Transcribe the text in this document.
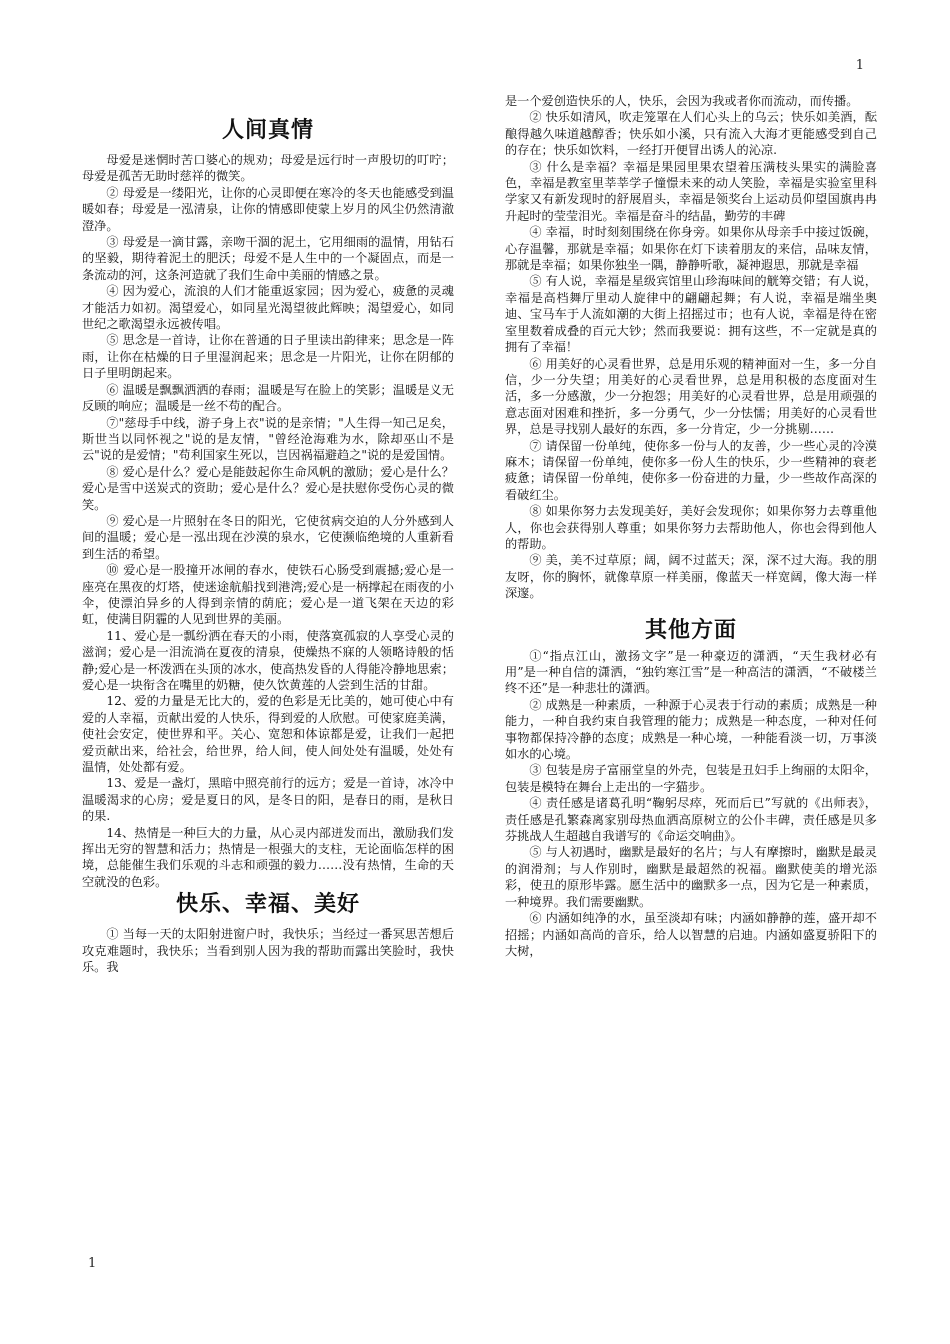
1
人间真情

母爱是迷惘时苦口婆心的规劝；母爱是远行时一声殷切的叮咛；母爱是孤苦无助时慈祥的微笑。

② 母爱是一缕阳光，让你的心灵即便在寒冷的冬天也能感受到温暖如春；母爱是一泓清泉，让你的情感即使蒙上岁月的风尘仍然清澈澄净。

③ 母爱是一滴甘露，亲吻干涸的泥土，它用细雨的温情，用钻石的坚毅，期待着泥土的肥沃；母爱不是人生中的一个凝固点，而是一条流动的河，这条河造就了我们生命中美丽的情感之景。

④ 因为爱心，流浪的人们才能重返家园；因为爱心，疲惫的灵魂才能活力如初。渴望爱心，如同星光渴望彼此辉映；渴望爱心，如同世纪之歌渴望永远被传唱。

⑤ 思念是一首诗，让你在普通的日子里读出韵律来；思念是一阵雨，让你在枯燥的日子里湿润起来；思念是一片阳光，让你在阴郁的日子里明朗起来。

⑥ 温暖是飘飘洒洒的春雨；温暖是写在脸上的笑影；温暖是义无反顾的响应；温暖是一丝不苟的配合。

⑦"慈母手中线，游子身上衣"说的是亲情；"人生得一知己足矣，斯世当以同怀视之"说的是友情，"曾经沧海难为水，除却巫山不是云"说的是爱情；"苟利国家生死以，岂因祸福避趋之"说的是爱国情。

⑧ 爱心是什么？爱心是能鼓起你生命风帆的激励；爱心是什么？爱心是雪中送炭式的资助；爱心是什么？爱心是扶慰你受伤心灵的微笑。

⑨ 爱心是一片照射在冬日的阳光，它使贫病交迫的人分外感到人间的温暖；爱心是一泓出现在沙漠的泉水，它使濒临绝境的人重新看到生活的希望。

⑩ 爱心是一股撞开冰闸的春水，使铁石心肠受到震撼;爱心是一座亮在黑夜的灯塔，使迷途航船找到港湾;爱心是一柄撑起在雨夜的小伞，使漂泊异乡的人得到亲情的荫庇；爱心是一道飞架在天边的彩虹，使满目阴霾的人见到世界的美丽。

11、爱心是一瓢纷洒在春天的小雨，使落寞孤寂的人享受心灵的滋润；爱心是一泪流淌在夏夜的清泉，使燥热不寐的人领略诗般的恬静;爱心是一杯泼洒在头顶的冰水，使高热发昏的人得能冷静地思索；爱心是一块衔含在嘴里的奶糖，使久饮黄莲的人尝到生活的甘甜。

12、爱的力量是无比大的，爱的色彩是无比美的，她可使心中有爱的人幸福，贡献出爱的人快乐，得到爱的人欣慰。可使家庭美满，使社会安定，使世界和平。关心、宽恕和体谅都是爱，让我们一起把爱贡献出来，给社会，给世界，给人间，使人间处处有温暖，处处有温情，处处都有爱。

13、爱是一盏灯，黑暗中照亮前行的远方；爱是一首诗，冰冷中温暖渴求的心房；爱是夏日的风，是冬日的阳，是春日的雨，是秋日的果.

14、热情是一种巨大的力量，从心灵内部迸发而出，激励我们发挥出无穷的智慧和活力；热情是一根强大的支柱，无论面临怎样的困境，总能催生我们乐观的斗志和顽强的毅力……没有热情，生命的天空就没的色彩。

快乐、幸福、美好

① 当每一天的太阳射进窗户时，我快乐；当经过一番冥思苦想后攻克难题时，我快乐；当看到别人因为我的帮助而露出笑脸时，我快乐。我

是一个爱创造快乐的人，快乐，会因为我或者你而流动，而传播。

② 快乐如清风，吹走笼罩在人们心头上的乌云；快乐如美酒，酝酿得越久味道越醇香；快乐如小溪，只有流入大海才更能感受到自己的存在；快乐如饮料，一经打开便冒出诱人的沁凉.

③ 什么是幸福？幸福是果园里果农望着压满枝头果实的满脸喜色，幸福是教室里莘莘学子憧憬未来的动人笑脸，幸福是实验室里科学家又有新发现时的舒展眉头，幸福是领奖台上运动员仰望国旗冉冉升起时的莹莹泪光。幸福是奋斗的结晶，勤劳的丰碑

④ 幸福，时时刻刻围绕在你身旁。如果你从母亲手中接过饭碗，心存温馨，那就是幸福；如果你在灯下读着朋友的来信，品味友情，那就是幸福；如果你独坐一隅，静静听歌，凝神遐思，那就是幸福

⑤ 有人说，幸福是星级宾馆里山珍海味间的觥筹交错；有人说，幸福是高档舞厅里动人旋律中的翩翩起舞；有人说，幸福是端坐奥迪、宝马车于人流如潮的大街上招摇过市；也有人说，幸福是待在密室里数着成叠的百元大钞；然而我要说：拥有这些，不一定就是真的拥有了幸福！

⑥ 用美好的心灵看世界，总是用乐观的精神面对一生，多一分自信，少一分失望；用美好的心灵看世界，总是用积极的态度面对生活，多一分感激，少一分抱怨；用美好的心灵看世界，总是用顽强的意志面对困难和挫折，多一分勇气，少一分怯懦；用美好的心灵看世界，总是寻找别人最好的东西，多一分肯定，少一分挑剔……

⑦ 请保留一份单纯，使你多一份与人的友善，少一些心灵的冷漠麻木；请保留一份单纯，使你多一份人生的快乐，少一些精神的衰老疲惫；请保留一份单纯，使你多一份奋进的力量，少一些故作高深的看破红尘。

⑧ 如果你努力去发现美好，美好会发现你；如果你努力去尊重他人，你也会获得别人尊重；如果你努力去帮助他人，你也会得到他人的帮助。

⑨ 美，美不过草原；阔，阔不过蓝天；深，深不过大海。我的朋友呀，你的胸怀，就像草原一样美丽，像蓝天一样宽阔，像大海一样深邃。

其他方面

①“指点江山，激扬文字”是一种豪迈的潇洒，“天生我材必有用”是一种自信的潇洒，“独钓寒江雪”是一种高洁的潇洒，“不破楼兰终不还”是一种悲壮的潇洒。

② 成熟是一种素质，一种源于心灵表于行动的素质；成熟是一种能力，一种自我约束自我管理的能力；成熟是一种态度，一种对任何事物都保持冷静的态度；成熟是一种心境，一种能看淡一切，万事淡如水的心境。

③ 包装是房子富丽堂皇的外壳，包装是丑妇手上绚丽的太阳伞，包装是模特在舞台上走出的一字猫步。

④ 责任感是诸葛孔明“鞠躬尽瘁，死而后已”写就的《出师表》，责任感是孔繁森离家别母热血洒高原树立的公仆丰碑，责任感是贝多芬挑战人生超越自我谱写的《命运交响曲》。

⑤ 与人初遇时，幽默是最好的名片；与人有摩擦时，幽默是最灵的润滑剂；与人作别时，幽默是最超然的祝福。幽默使美的增光添彩，使丑的原形毕露。愿生活中的幽默多一点，因为它是一种素质，一种境界。我们需要幽默。

⑥ 内涵如纯净的水，虽至淡却有味；内涵如静静的莲，盛开却不招摇；内涵如高尚的音乐，给人以智慧的启迪。内涵如盛夏骄阳下的大树，

1
